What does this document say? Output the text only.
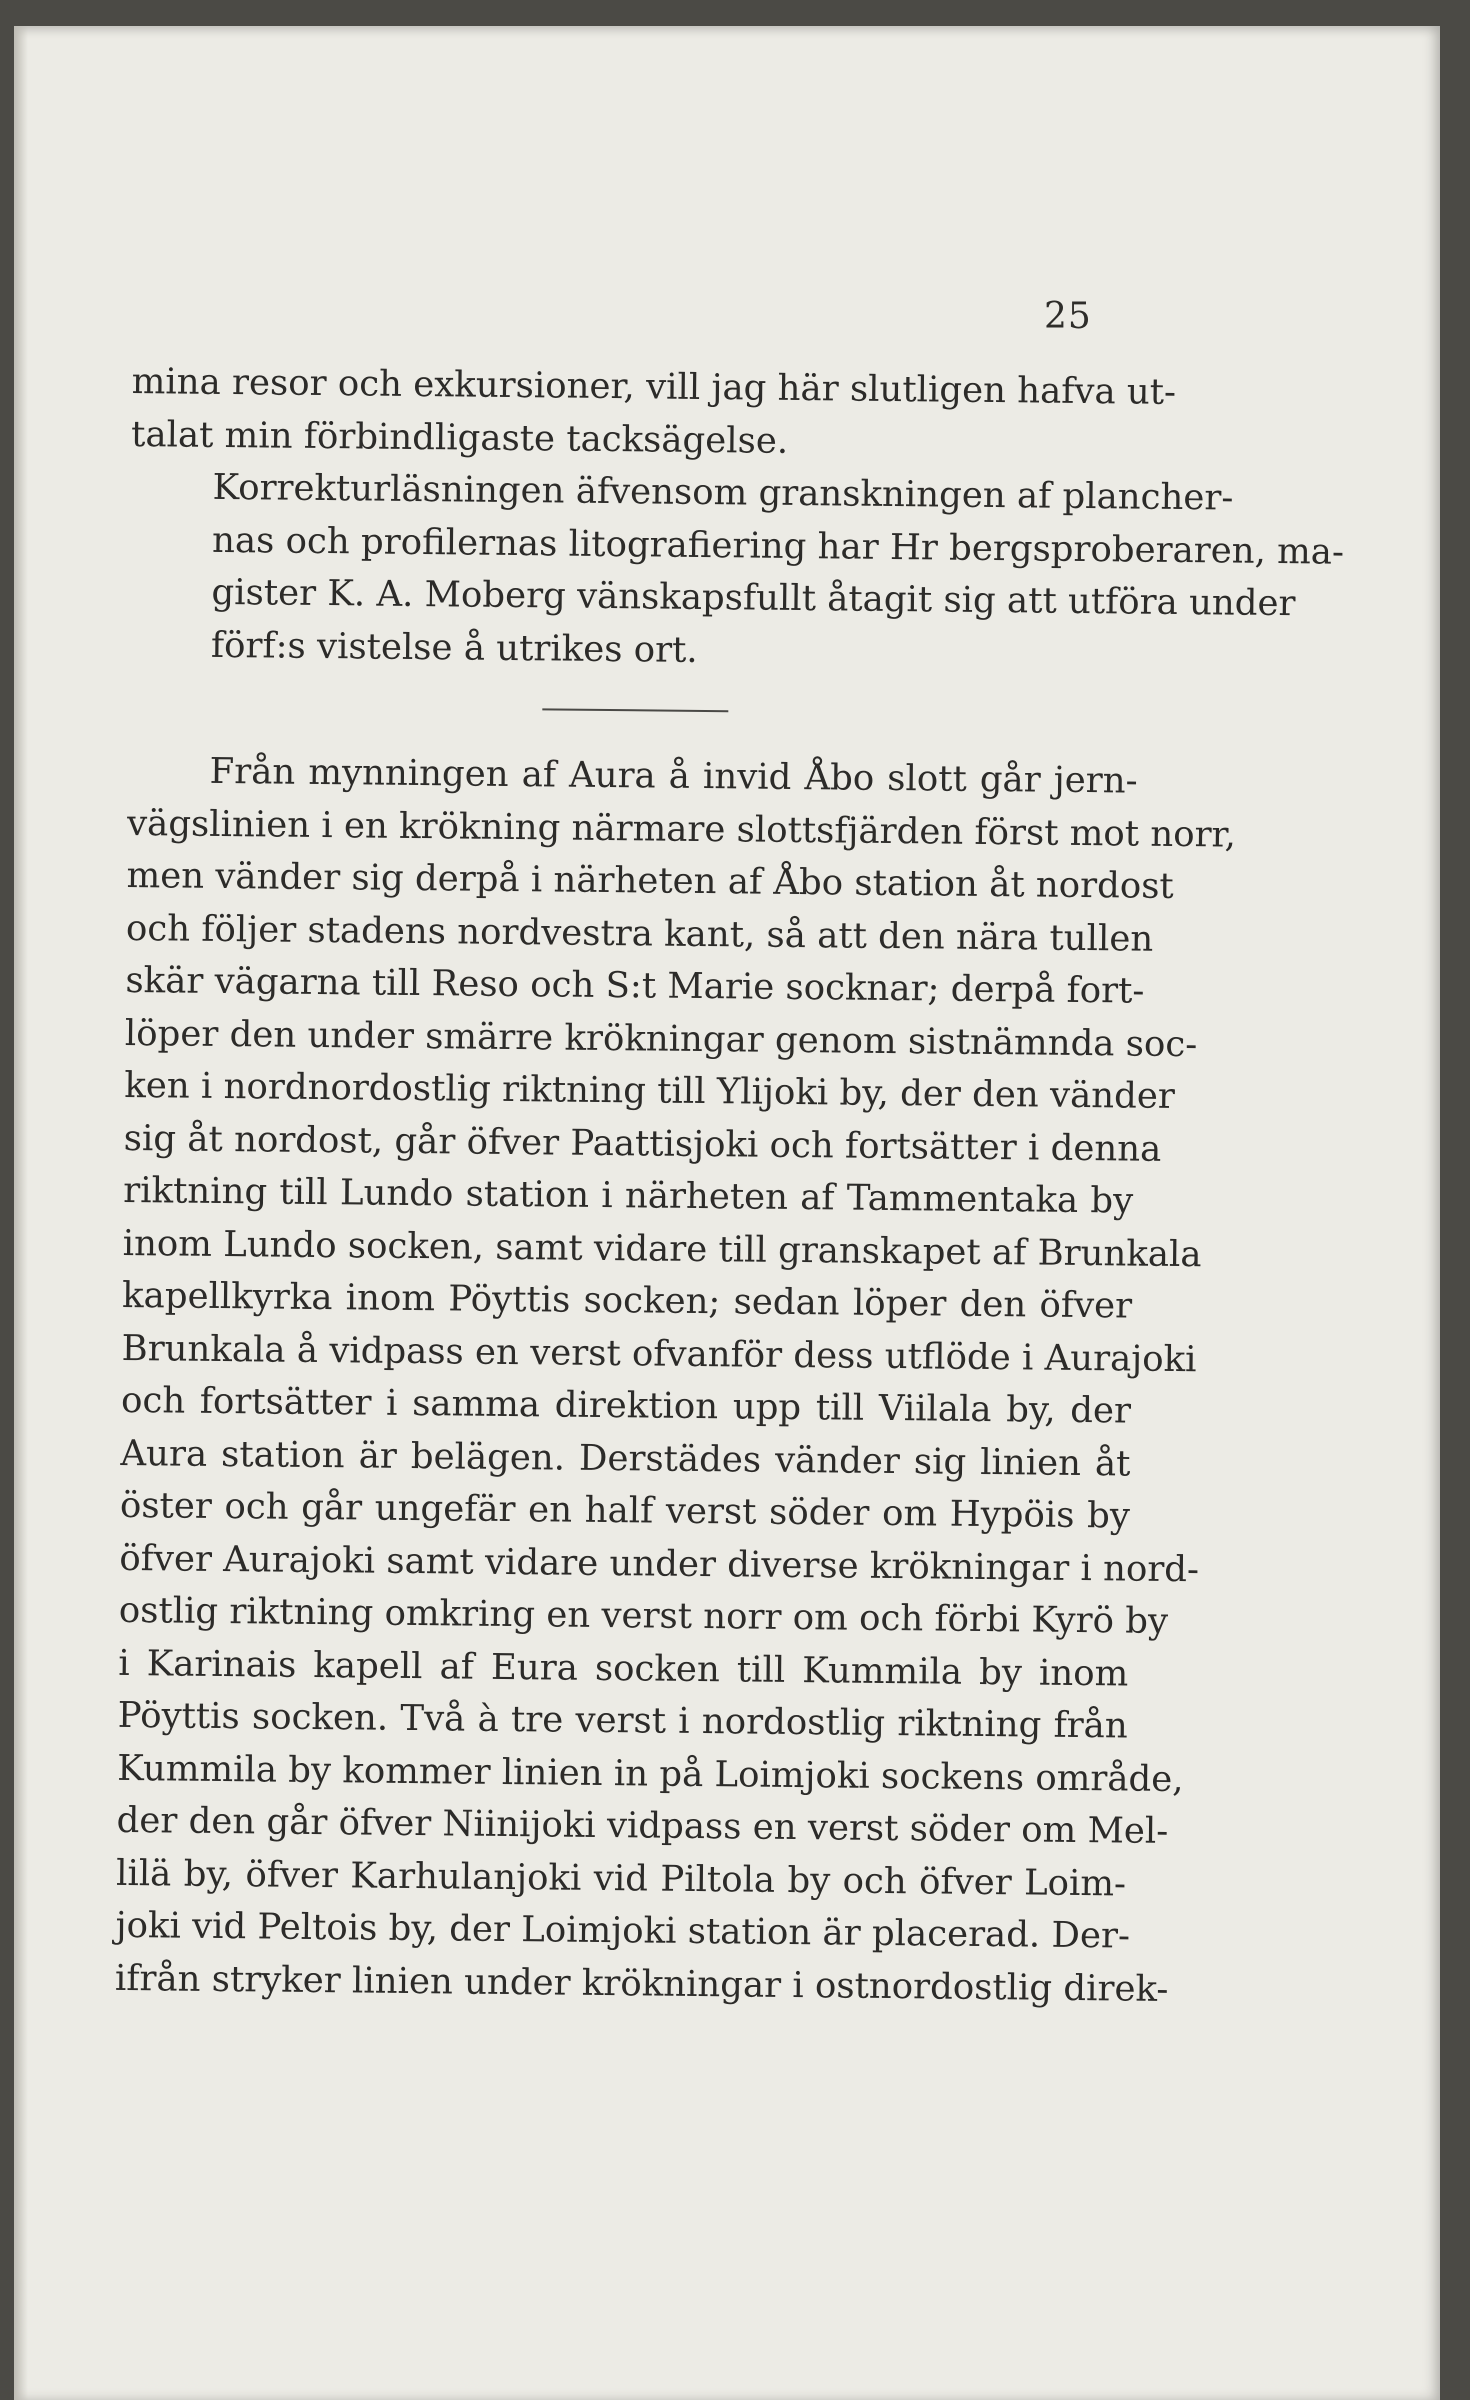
25

mina resor och exkursioner, vill jag här slutligen hafva ut-
talat min förbindligaste tacksägelse.

Korrekturläsningen äfvensom granskningen af plancher-
nas och profilernas litografiering har Hr bergsproberaren, ma-
gister K. A. Moberg vänskapsfullt åtagit sig att utföra under
förf:s vistelse å utrikes ort.

Från mynningen af Aura å invid Åbo slott går jern-
vägslinien i en krökning närmare slottsfjärden först mot norr,
men vänder sig derpå i närheten af Åbo station åt nordost
och följer stadens nordvestra kant, så att den nära tullen
skär vägarna till Reso och S:t Marie socknar; derpå fort-
löper den under smärre krökningar genom sistnämnda soc-
ken i nordnordostlig riktning till Ylijoki by, der den vänder
sig åt nordost, går öfver Paattisjoki och fortsätter i denna
riktning till Lundo station i närheten af Tammentaka by
inom Lundo socken, samt vidare till granskapet af Brunkala
kapellkyrka inom Pöyttis socken; sedan löper den öfver
Brunkala å vidpass en verst ofvanför dess utflöde i Aurajoki
och fortsätter i samma direktion upp till Viilala by, der
Aura station är belägen. Derstädes vänder sig linien åt
öster och går ungefär en half verst söder om Hypöis by
öfver Aurajoki samt vidare under diverse krökningar i nord-
ostlig riktning omkring en verst norr om och förbi Kyrö by
i Karinais kapell af Eura socken till Kummila by inom
Pöyttis socken. Två à tre verst i nordostlig riktning från
Kummila by kommer linien in på Loimjoki sockens område,
der den går öfver Niinijoki vidpass en verst söder om Mel-
lilä by, öfver Karhulanjoki vid Piltola by och öfver Loim-
joki vid Peltois by, der Loimjoki station är placerad. Der-
ifrån stryker linien under krökningar i ostnordostlig direk-
